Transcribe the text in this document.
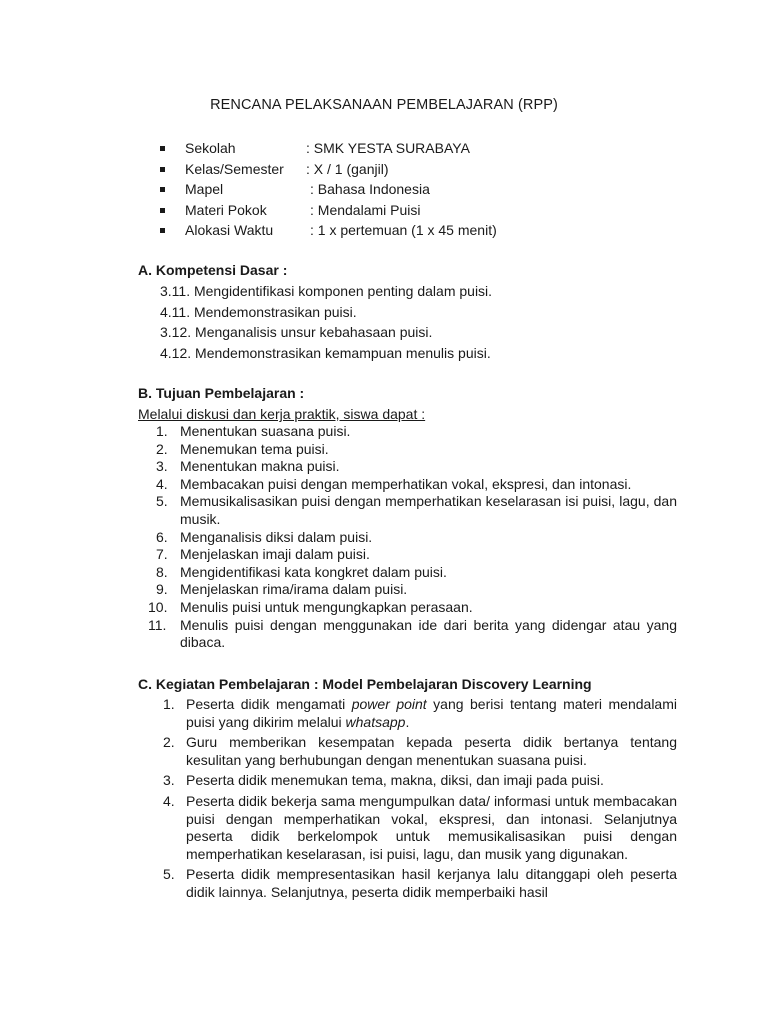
RENCANA PELAKSANAAN PEMBELAJARAN (RPP)
Sekolah	: SMK YESTA SURABAYA
Kelas/Semester : X / 1 (ganjil)
Mapel	: Bahasa Indonesia
Materi Pokok	: Mendalami Puisi
Alokasi Waktu	: 1 x pertemuan (1 x 45 menit)
A. Kompetensi Dasar :
3.11. Mengidentifikasi komponen penting dalam puisi.
4.11. Mendemonstrasikan puisi.
3.12. Menganalisis unsur kebahasaan puisi.
4.12. Mendemonstrasikan kemampuan menulis puisi.
B. Tujuan Pembelajaran :
Melalui diskusi dan kerja praktik, siswa dapat :
1. Menentukan suasana puisi.
2. Menemukan tema puisi.
3. Menentukan makna puisi.
4. Membacakan puisi dengan memperhatikan vokal, ekspresi, dan intonasi.
5. Memusikalisasikan puisi dengan memperhatikan keselarasan isi puisi, lagu, dan musik.
6. Menganalisis diksi dalam puisi.
7. Menjelaskan imaji dalam puisi.
8. Mengidentifikasi kata kongkret dalam puisi.
9. Menjelaskan rima/irama dalam puisi.
10. Menulis puisi untuk mengungkapkan perasaan.
11. Menulis puisi dengan menggunakan ide dari berita yang didengar atau yang dibaca.
C. Kegiatan Pembelajaran : Model Pembelajaran Discovery Learning
1. Peserta didik mengamati power point yang berisi tentang materi mendalami puisi yang dikirim melalui whatsapp.
2. Guru memberikan kesempatan kepada peserta didik bertanya tentang kesulitan yang berhubungan dengan menentukan suasana puisi.
3. Peserta didik menemukan tema, makna, diksi, dan imaji pada puisi.
4. Peserta didik bekerja sama mengumpulkan data/ informasi untuk membacakan puisi dengan memperhatikan vokal, ekspresi, dan intonasi. Selanjutnya peserta didik berkelompok untuk memusikalisasikan puisi dengan memperhatikan keselarasan, isi puisi, lagu, dan musik yang digunakan.
5. Peserta didik mempresentasikan hasil kerjanya lalu ditanggapi oleh peserta didik lainnya. Selanjutnya, peserta didik memperbaiki hasil
